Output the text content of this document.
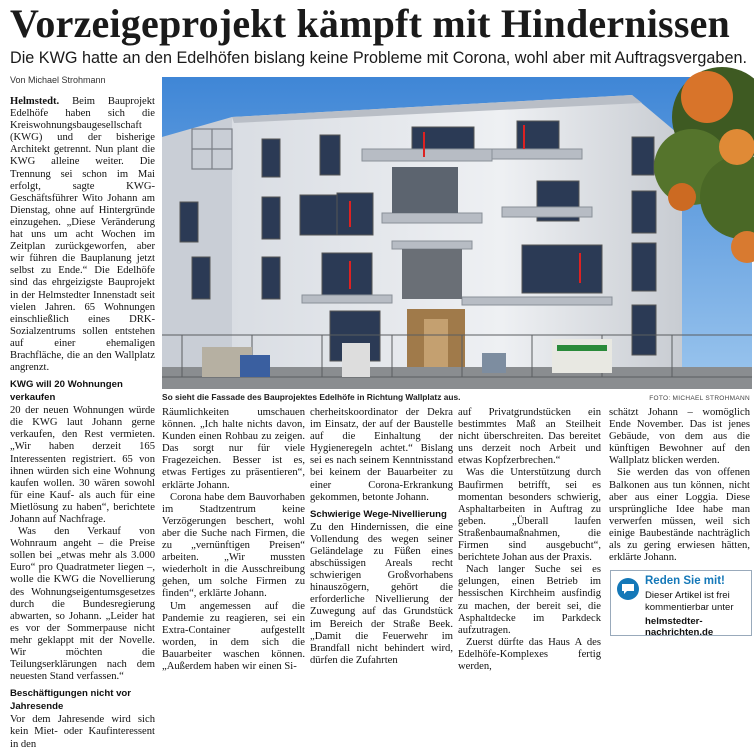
Vorzeigeprojekt kämpft mit Hindernissen
Die KWG hatte an den Edelhöfen bislang keine Probleme mit Corona, wohl aber mit Auftragsvergaben.
Von Michael Strohmann

Helmstedt. Beim Bauprojekt Edelhöfe haben sich die Kreiswohnungsbaugesellschaft (KWG) und der bisherige Architekt getrennt. Nun plant die KWG alleine weiter. Die Trennung sei schon im Mai erfolgt, sagte KWG-Geschäftsführer Wito Johann am Dienstag, ohne auf Hintergründe einzugehen. „Diese Veränderung hat uns um acht Wochen im Zeitplan zurückgeworfen, aber wir führen die Bauplanung jetzt selbst zu Ende.“ Die Edelhöfe sind das ehrgeizigste Bauprojekt in der Helmstedter Innenstadt seit vielen Jahren. 65 Wohnungen einschließlich eines DRK-Sozialzentrums sollen entstehen auf einer ehemaligen Brachfläche, die an den Wallplatz angrenzt.

KWG will 20 Wohnungen verkaufen

20 der neuen Wohnungen würde die KWG laut Johann gerne verkaufen, den Rest vermieten. „Wir haben derzeit 165 Interessenten registriert. 65 von ihnen würden sich eine Wohnung kaufen wollen. 30 wären sowohl für eine Kauf- als auch für eine Mietlösung zu haben“, berichtete Johann auf Nachfrage.

Was den Verkauf von Wohnraum angeht – die Preise sollen bei „etwas mehr als 3.000 Euro“ pro Quadratmeter liegen –, wolle die KWG die Novellierung des Wohnungseigentumsgesetzes durch die Bundesregierung abwarten, so Johann. „Leider hat es vor der Sommerpause nicht mehr geklappt mit der Novelle. Wir möchten die Teilungserklärungen nach dem neuesten Stand verfassen.“

Beschäftigungen nicht vor Jahresende

Vor dem Jahresende wird sich kein Miet- oder Kaufinteressent in den

So sieht die Fassade des Bauprojektes Edelhöfe in Richtung Wallplatz aus.	FOTO: MICHAEL STROHMANN

Räumlichkeiten umschauen können. „Ich halte nichts davon, Kunden einen Rohbau zu zeigen. Das sorgt nur für viele Fragezeichen. Besser ist es, etwas Fertiges zu präsentieren“, erklärte Johann.

Corona habe dem Bauvorhaben im Stadtzentrum keine Verzögerungen beschert, wohl aber die Suche nach Firmen, die zu „vernünftigen Preisen“ arbeiten. „Wir mussten wiederholt in die Ausschreibung gehen, um solche Firmen zu finden“, erklärte Johann.

Um angemessen auf die Pandemie zu reagieren, sei ein Extra-Container aufgestellt worden, in dem sich die Bauarbeiter waschen können. „Außerdem haben wir einen Si-

cherheitskoordinator der Dekra im Einsatz, der auf der Baustelle auf die Einhaltung der Hygieneregeln achtet.“ Bislang sei es nach seinem Kenntnisstand bei keinem der Bauarbeiter zu einer Corona-Erkrankung gekommen, betonte Johann.

Schwierige Wege-Nivellierung

Zu den Hindernissen, die eine Vollendung des wegen seiner Geländelage zu Füßen eines abschüssigen Areals recht schwierigen Großvorhabens hinauszögern, gehört die erforderliche Nivellierung der Zuwegung auf das Grundstück im Bereich der Straße Beek. „Damit die Feuerwehr im Brandfall nicht behindert wird, dürfen die Zufahrten

auf Privatgrundstücken ein bestimmtes Maß an Steilheit nicht überschreiten. Das bereitet uns derzeit noch Arbeit und etwas Kopfzerbrechen.“

Was die Unterstützung durch Baufirmen betrifft, sei es momentan besonders schwierig, Asphaltarbeiten in Auftrag zu geben. „Überall laufen Straßenbaumaßnahmen, die Firmen sind ausgebucht“, berichtete Johan aus der Praxis.

Nach langer Suche sei es gelungen, einen Betrieb im hessischen Kirchheim ausfindig zu machen, der bereit sei, die Asphaltdecke im Parkdeck aufzutragen.

Zuerst dürfte das Haus A des Edelhöfe-Komplexes fertig werden,

schätzt Johann – womöglich Ende November. Das ist jenes Gebäude, von dem aus die künftigen Bewohner auf den Wallplatz blicken werden.

Sie werden das von offenen Balkonen aus tun können, nicht aber aus einer Loggia. Diese ursprüngliche Idee habe man verwerfen müssen, weil sich einige Baubestände nachträglich als zu gering erwiesen hätten, erklärte Johann.

Reden Sie mit!
Dieser Artikel ist frei
kommentierbar unter
helmstedter-nachrichten.de
